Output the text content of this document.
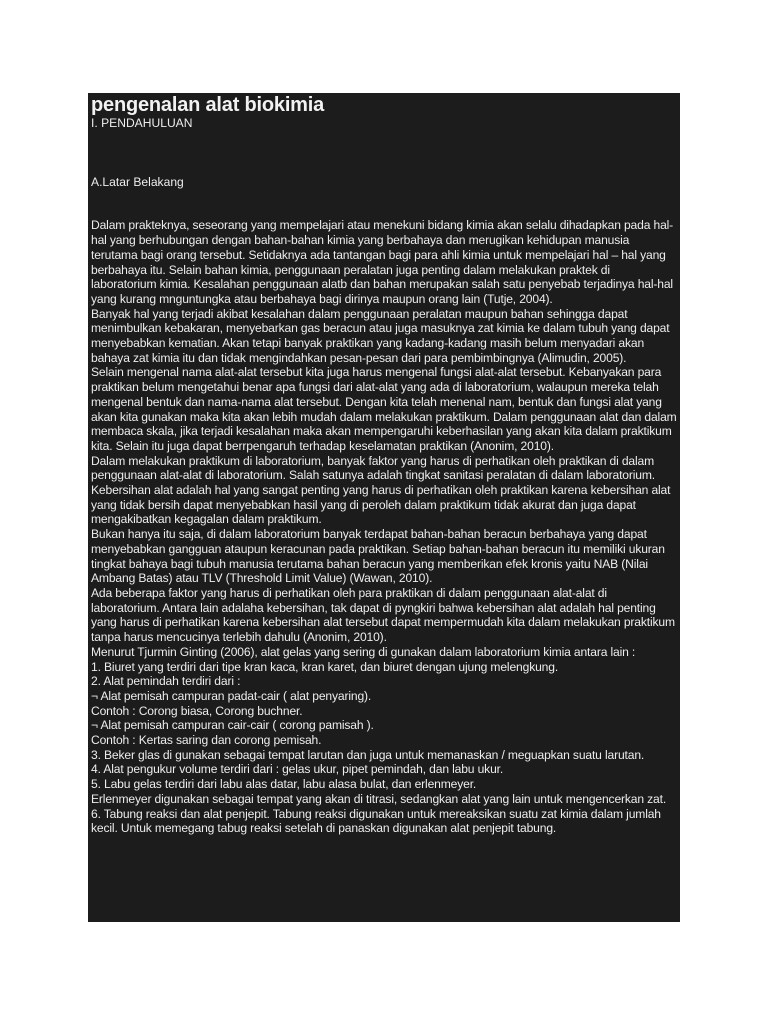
pengenalan alat biokimia

I. PENDAHULUAN

A.Latar Belakang

Dalam prakteknya, seseorang yang mempelajari atau menekuni bidang kimia akan selalu dihadapkan pada hal-hal yang berhubungan dengan bahan-bahan kimia yang berbahaya dan merugikan kehidupan manusia terutama bagi orang tersebut. Setidaknya ada tantangan bagi para ahli kimia untuk mempelajari hal – hal yang berbahaya itu. Selain bahan kimia, penggunaan peralatan juga penting dalam melakukan praktek di laboratorium kimia. Kesalahan penggunaan alatb dan bahan merupakan salah satu penyebab terjadinya hal-hal yang kurang mnguntungka atau berbahaya bagi dirinya maupun orang lain (Tutje, 2004).

Banyak hal yang terjadi akibat kesalahan dalam penggunaan peralatan maupun bahan sehingga dapat menimbulkan kebakaran, menyebarkan gas beracun atau juga masuknya zat kimia ke dalam tubuh yang dapat menyebabkan kematian. Akan tetapi banyak praktikan yang kadang-kadang masih belum menyadari akan bahaya zat kimia itu dan tidak mengindahkan pesan-pesan dari para pembimbingnya (Alimudin, 2005).

Selain mengenal nama alat-alat tersebut kita juga harus mengenal fungsi alat-alat tersebut. Kebanyakan para praktikan belum mengetahui benar apa fungsi dari alat-alat yang ada di laboratorium, walaupun mereka telah mengenal bentuk dan nama-nama alat tersebut. Dengan kita telah menenal nam, bentuk dan fungsi alat yang akan kita gunakan maka kita akan lebih mudah dalam melakukan praktikum. Dalam penggunaan alat dan dalam membaca skala, jika terjadi kesalahan maka akan mempengaruhi keberhasilan yang akan kita dalam praktikum kita. Selain itu juga dapat berrpengaruh terhadap keselamatan praktikan (Anonim, 2010).

Dalam melakukan praktikum di laboratorium, banyak faktor yang harus di perhatikan oleh praktikan di dalam penggunaan alat-alat di laboratorium. Salah satunya adalah tingkat sanitasi peralatan di dalam laboratorium. Kebersihan alat adalah hal yang sangat penting yang harus di perhatikan oleh praktikan karena kebersihan alat yang tidak bersih dapat menyebabkan hasil yang di peroleh dalam praktikum tidak akurat dan juga dapat mengakibatkan kegagalan dalam praktikum.

Bukan hanya itu saja, di dalam laboratorium banyak terdapat bahan-bahan beracun berbahaya yang dapat menyebabkan gangguan ataupun keracunan pada praktikan. Setiap bahan-bahan beracun itu memiliki ukuran tingkat bahaya bagi tubuh manusia terutama bahan beracun yang memberikan efek kronis yaitu NAB (Nilai Ambang Batas) atau TLV (Threshold Limit Value) (Wawan, 2010).

Ada beberapa faktor yang harus di perhatikan oleh para praktikan di dalam penggunaan alat-alat di laboratorium. Antara lain adalaha kebersihan, tak dapat di pyngkiri bahwa kebersihan alat adalah hal penting yang harus di perhatikan karena kebersihan alat tersebut dapat mempermudah kita dalam melakukan praktikum tanpa harus mencucinya terlebih dahulu (Anonim, 2010).

Menurut Tjurmin Ginting (2006), alat gelas yang sering di gunakan dalam laboratorium kimia antara lain :

1. Biuret yang terdiri dari tipe kran kaca, kran karet, dan biuret dengan ujung melengkung.

2. Alat pemindah terdiri dari :

¬ Alat pemisah campuran padat-cair ( alat penyaring).

Contoh : Corong biasa, Corong buchner.

¬ Alat pemisah campuran cair-cair ( corong pamisah ).

Contoh : Kertas saring dan corong pemisah.

3. Beker glas di gunakan sebagai tempat larutan dan juga untuk memanaskan / meguapkan suatu larutan.

4. Alat pengukur volume terdiri dari : gelas ukur, pipet pemindah, dan labu ukur.

5. Labu gelas terdiri dari labu alas datar, labu alasa bulat, dan erlenmeyer.

Erlenmeyer digunakan sebagai tempat yang akan di titrasi, sedangkan alat yang lain untuk mengencerkan zat.

6. Tabung reaksi dan alat penjepit. Tabung reaksi digunakan untuk mereaksikan suatu zat kimia dalam jumlah kecil. Untuk memegang tabug reaksi setelah di panaskan digunakan alat penjepit tabung.
